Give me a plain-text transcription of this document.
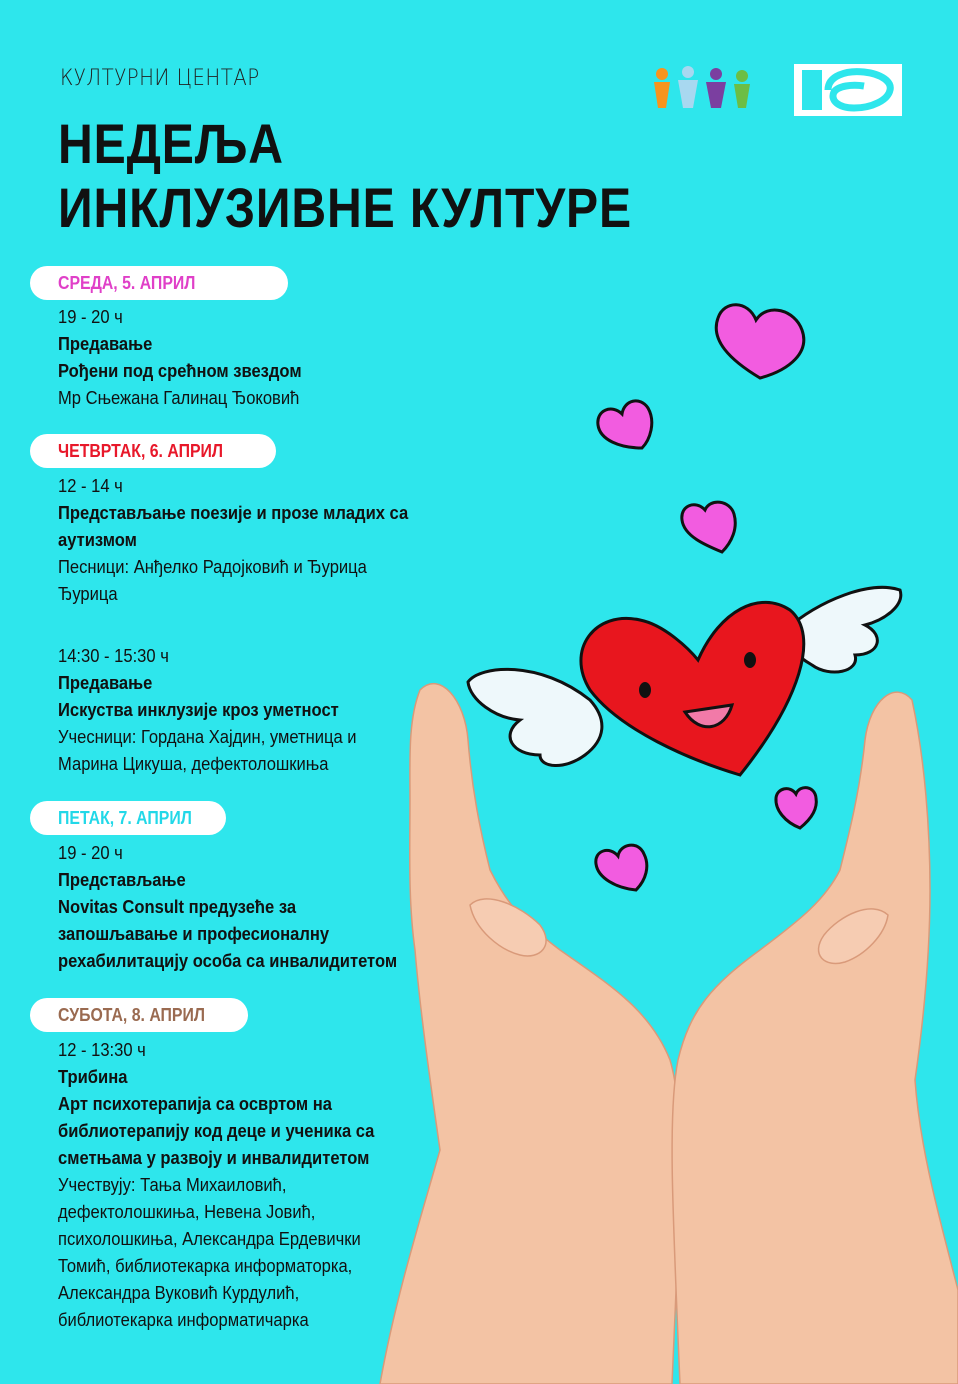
КУЛТУРНИ ЦЕНТАР
НЕДЕЉА
ИНКЛУЗИВНЕ КУЛТУРЕ
СРЕДА, 5. АПРИЛ
19 - 20 ч
Предавање
Рођени под срећном звездом
Мр Сњежана Галинац Ђоковић
ЧЕТВРТАК, 6. АПРИЛ
12 - 14 ч
Представљање поезије и прозе младих са
аутизмом
Песници: Анђелко Радојковић и Ђурица
Ђурица
14:30 - 15:30 ч
Предавање
Искуства инклузије кроз уметност
Учесници: Гордана Хајдин, уметница и
Марина Цикуша, дефектолошкиња
ПЕТАК, 7. АПРИЛ
19 - 20 ч
Представљање
Novitas Consult предузеће за
запошљавање и професионалну
рехабилитацију особа са инвалидитетом
СУБОТА, 8. АПРИЛ
12 - 13:30 ч
Трибина
Арт психотерапија са освртом на
библиотерапију код деце и ученика са
сметњама у развоју и инвалидитетом
Учествују: Тања Михаиловић,
дефектолошкиња, Невена Јовић,
психолошкиња, Александра Ердевички
Томић, библиотекарка информаторка,
Александра Вуковић Курдулић,
библиотекарка информатичарка
